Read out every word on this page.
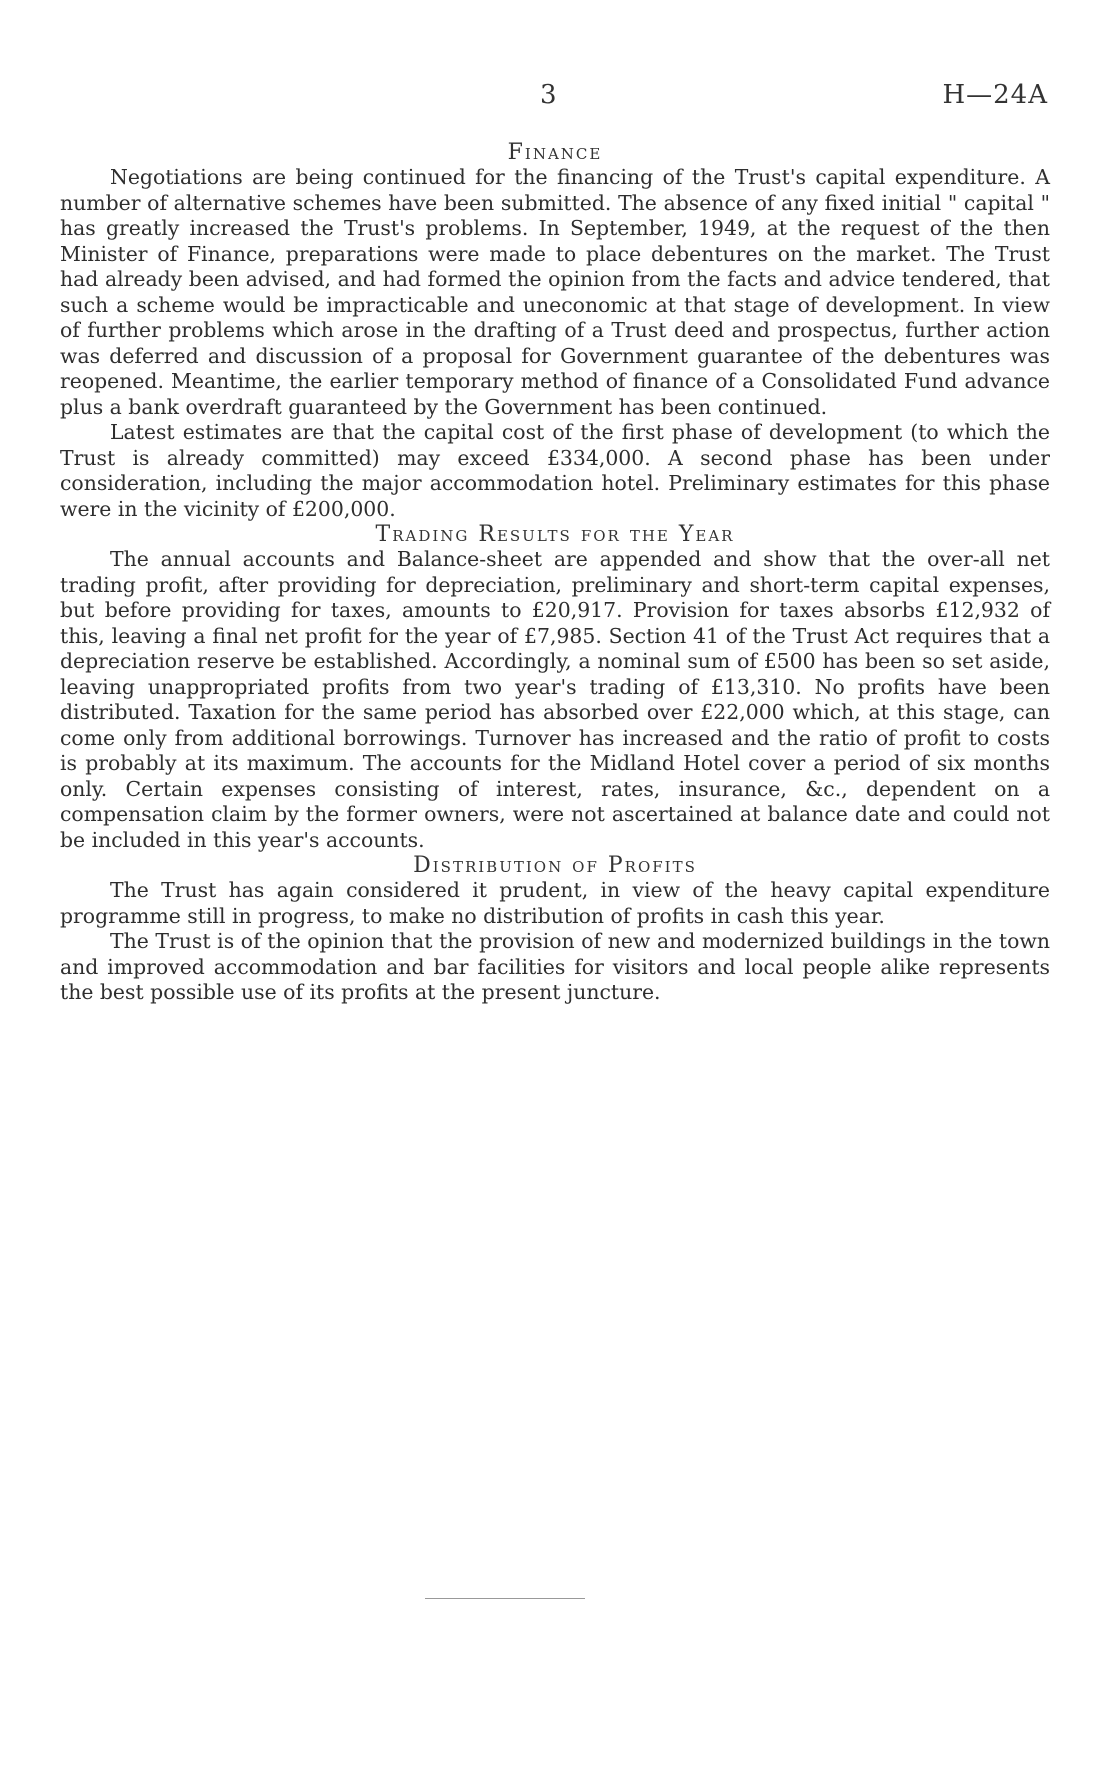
3	H—24A
Finance

Negotiations are being continued for the financing of the Trust's capital expenditure. A number of alternative schemes have been submitted. The absence of any fixed initial " capital " has greatly increased the Trust's problems. In September, 1949, at the request of the then Minister of Finance, preparations were made to place debentures on the market. The Trust had already been advised, and had formed the opinion from the facts and advice tendered, that such a scheme would be impracticable and uneconomic at that stage of development. In view of further problems which arose in the drafting of a Trust deed and prospectus, further action was deferred and discussion of a proposal for Government guarantee of the debentures was reopened. Meantime, the earlier temporary method of finance of a Consolidated Fund advance plus a bank overdraft guaranteed by the Government has been continued.

Latest estimates are that the capital cost of the first phase of development (to which the Trust is already committed) may exceed £334,000. A second phase has been under consideration, including the major accommodation hotel. Preliminary estimates for this phase were in the vicinity of £200,000.

Trading Results for the Year

The annual accounts and Balance-sheet are appended and show that the over-all net trading profit, after providing for depreciation, preliminary and short-term capital expenses, but before providing for taxes, amounts to £20,917. Provision for taxes absorbs £12,932 of this, leaving a final net profit for the year of £7,985. Section 41 of the Trust Act requires that a depreciation reserve be established. Accordingly, a nominal sum of £500 has been so set aside, leaving unappropriated profits from two year's trading of £13,310. No profits have been distributed. Taxation for the same period has absorbed over £22,000 which, at this stage, can come only from additional borrowings. Turnover has increased and the ratio of profit to costs is probably at its maximum. The accounts for the Midland Hotel cover a period of six months only. Certain expenses consisting of interest, rates, insurance, &c., dependent on a compensation claim by the former owners, were not ascertained at balance date and could not be included in this year's accounts.

Distribution of Profits

The Trust has again considered it prudent, in view of the heavy capital expenditure programme still in progress, to make no distribution of profits in cash this year.

The Trust is of the opinion that the provision of new and modernized buildings in the town and improved accommodation and bar facilities for visitors and local people alike represents the best possible use of its profits at the present juncture.
